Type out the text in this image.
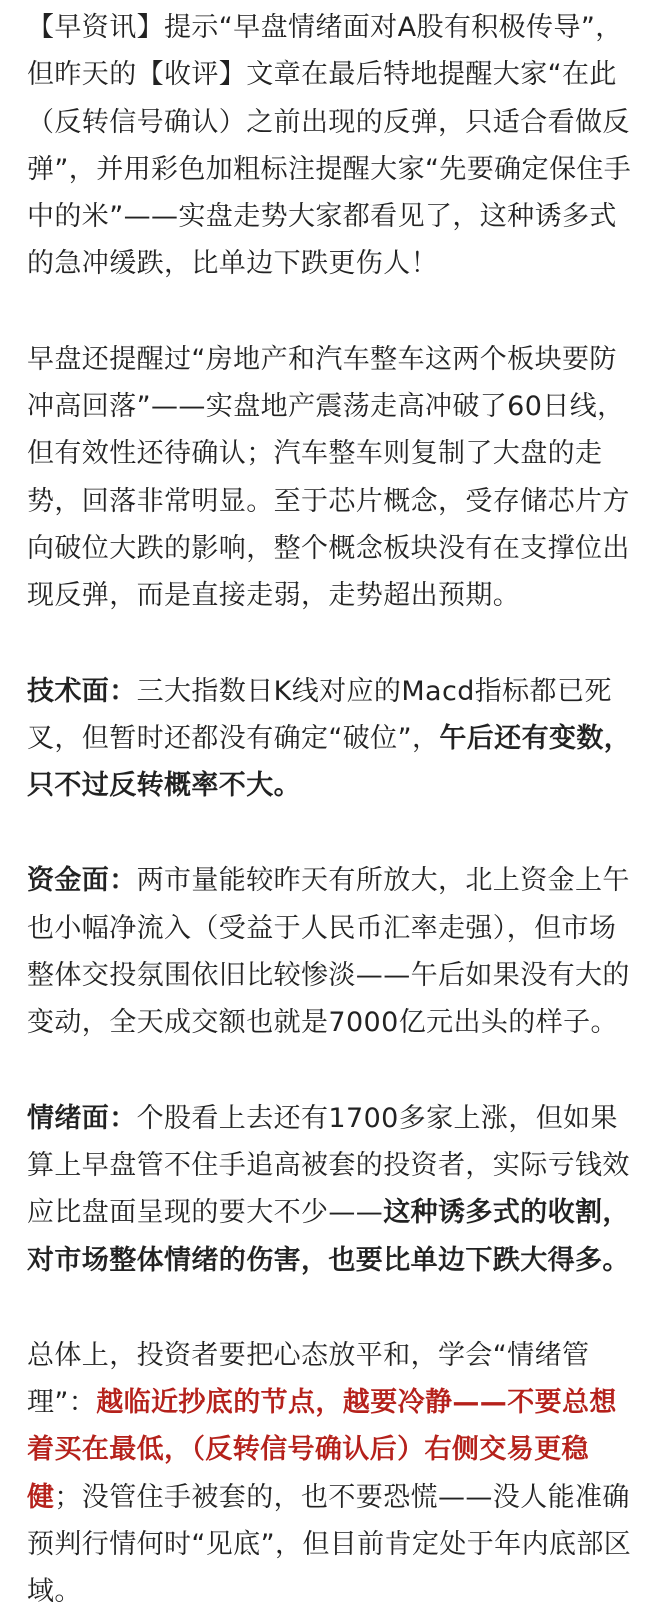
【早资讯】提示“早盘情绪面对A股有积极传导”，但昨天的【收评】文章在最后特地提醒大家“在此（反转信号确认）之前出现的反弹，只适合看做反弹”，并用彩色加粗标注提醒大家“先要确定保住手中的米”——实盘走势大家都看见了，这种诱多式的急冲缓跌，比单边下跌更伤人！

早盘还提醒过“房地产和汽车整车这两个板块要防冲高回落”——实盘地产震荡走高冲破了60日线，但有效性还待确认；汽车整车则复制了大盘的走势，回落非常明显。至于芯片概念，受存储芯片方向破位大跌的影响，整个概念板块没有在支撑位出现反弹，而是直接走弱，走势超出预期。

技术面：三大指数日K线对应的Macd指标都已死叉，但暂时还都没有确定“破位”，午后还有变数，只不过反转概率不大。

资金面：两市量能较昨天有所放大，北上资金上午也小幅净流入（受益于人民币汇率走强），但市场整体交投氛围依旧比较惨淡——午后如果没有大的变动，全天成交额也就是7000亿元出头的样子。

情绪面：个股看上去还有1700多家上涨，但如果算上早盘管不住手追高被套的投资者，实际亏钱效应比盘面呈现的要大不少——这种诱多式的收割，对市场整体情绪的伤害，也要比单边下跌大得多。

总体上，投资者要把心态放平和，学会“情绪管理”：越临近抄底的节点，越要冷静——不要总想着买在最低，（反转信号确认后）右侧交易更稳健；没管住手被套的，也不要恐慌——没人能准确预判行情何时“见底”，但目前肯定处于年内底部区域。
